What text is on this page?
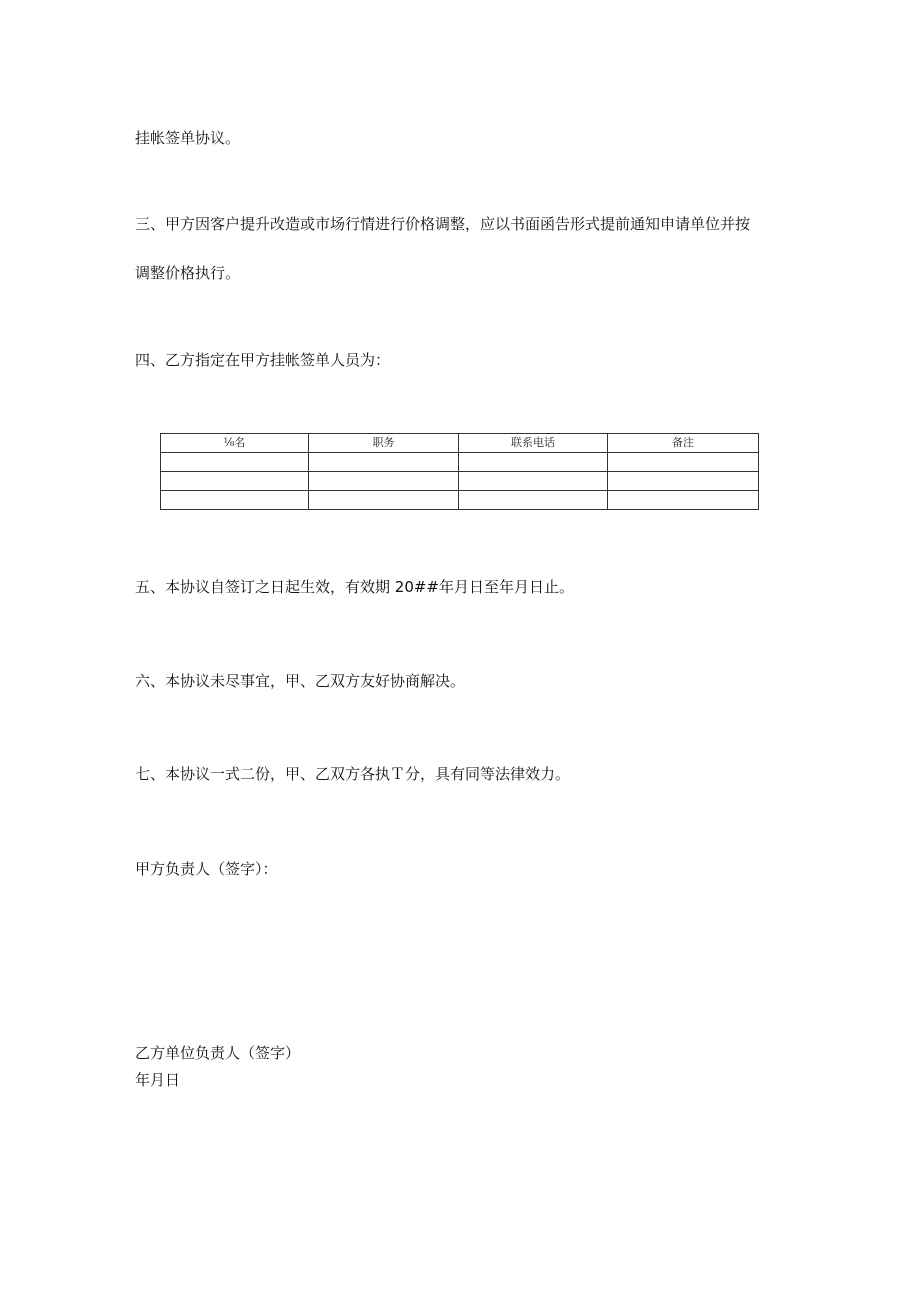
挂帐签单协议。
三、甲方因客户提升改造或市场行情进行价格调整，应以书面函告形式提前通知申请单位并按
调整价格执行。
四、乙方指定在甲方挂帐签单人员为：
⅛名	职务	联系电话	备注

五、本协议自签订之日起生效，有效期 20##年月日至年月日止。
六、本协议未尽事宜，甲、乙双方友好协商解决。
七、本协议一式二份，甲、乙双方各执Ｔ分，具有同等法律效力。
甲方负责人（签字）：
乙方单位负责人（签字）
年月日
